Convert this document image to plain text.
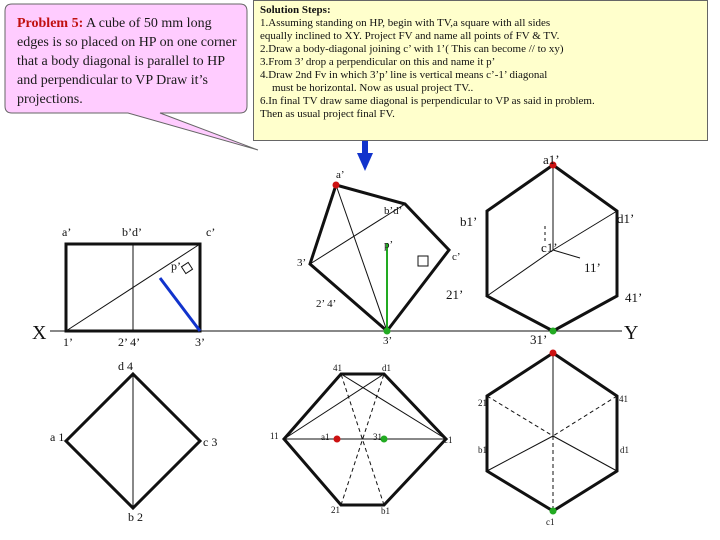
X	Y
a’	b’d’	c’
p’
1’	2’ 4’	3’
d 4
a 1	c 3
b 2
a’
b’d’
p’
c’
3’
2’ 4’
3’
41	d1
11	a1	31	c1
21	b1
a1’
b1’	d1’
c1’
11’
21’	41’
31’
21	41
b1	d1
c1
Problem 5: A cube of 50 mm long edges is so placed on HP on one corner that a body diagonal is parallel to HP and perpendicular to VP Draw it’s projections.
Solution Steps:
1.Assuming standing on HP, begin with TV,a square with all sides
equally inclined to XY. Project FV and name all points of FV & TV.
2.Draw a body-diagonal joining c’ with 1’( This can become // to xy)
3.From 3’ drop a perpendicular on this and name it p’
4.Draw 2nd Fv in which 3’p’ line is vertical means c’-1’ diagonal
must be horizontal. Now as usual project TV..
6.In final TV draw same diagonal is perpendicular to VP as said in problem.
Then as usual project final FV.
